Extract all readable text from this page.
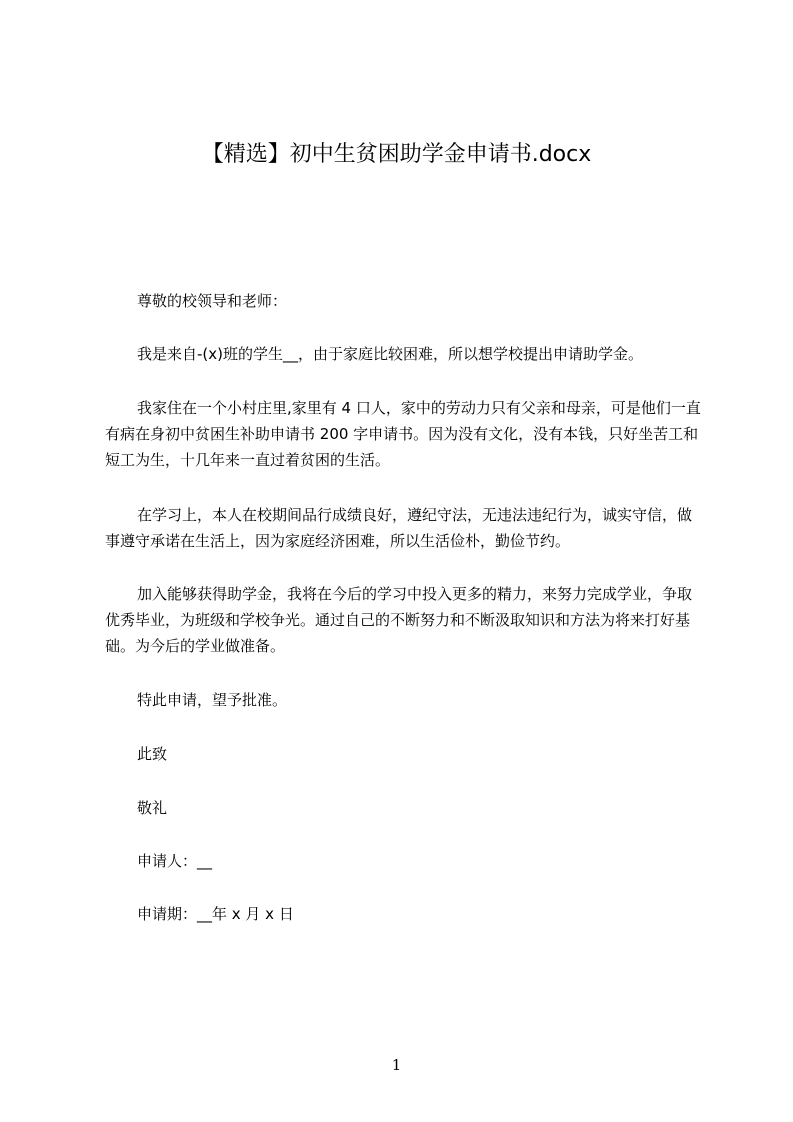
【精选】初中生贫困助学金申请书.docx
尊敬的校领导和老师：
我是来自-(x)班的学生__，由于家庭比较困难，所以想学校提出申请助学金。
我家住在一个小村庄里,家里有 4 口人，家中的劳动力只有父亲和母亲，可是他们一直有病在身初中贫困生补助申请书 200 字申请书。因为没有文化，没有本钱，只好坐苦工和短工为生，十几年来一直过着贫困的生活。
在学习上，本人在校期间品行成绩良好，遵纪守法，无违法违纪行为，诚实守信，做事遵守承诺在生活上，因为家庭经济困难，所以生活俭朴，勤俭节约。
加入能够获得助学金，我将在今后的学习中投入更多的精力，来努力完成学业，争取优秀毕业，为班级和学校争光。通过自己的不断努力和不断汲取知识和方法为将来打好基础。为今后的学业做准备。
特此申请，望予批准。
此致
敬礼
申请人：__
申请期：__年 x 月 x 日
1
